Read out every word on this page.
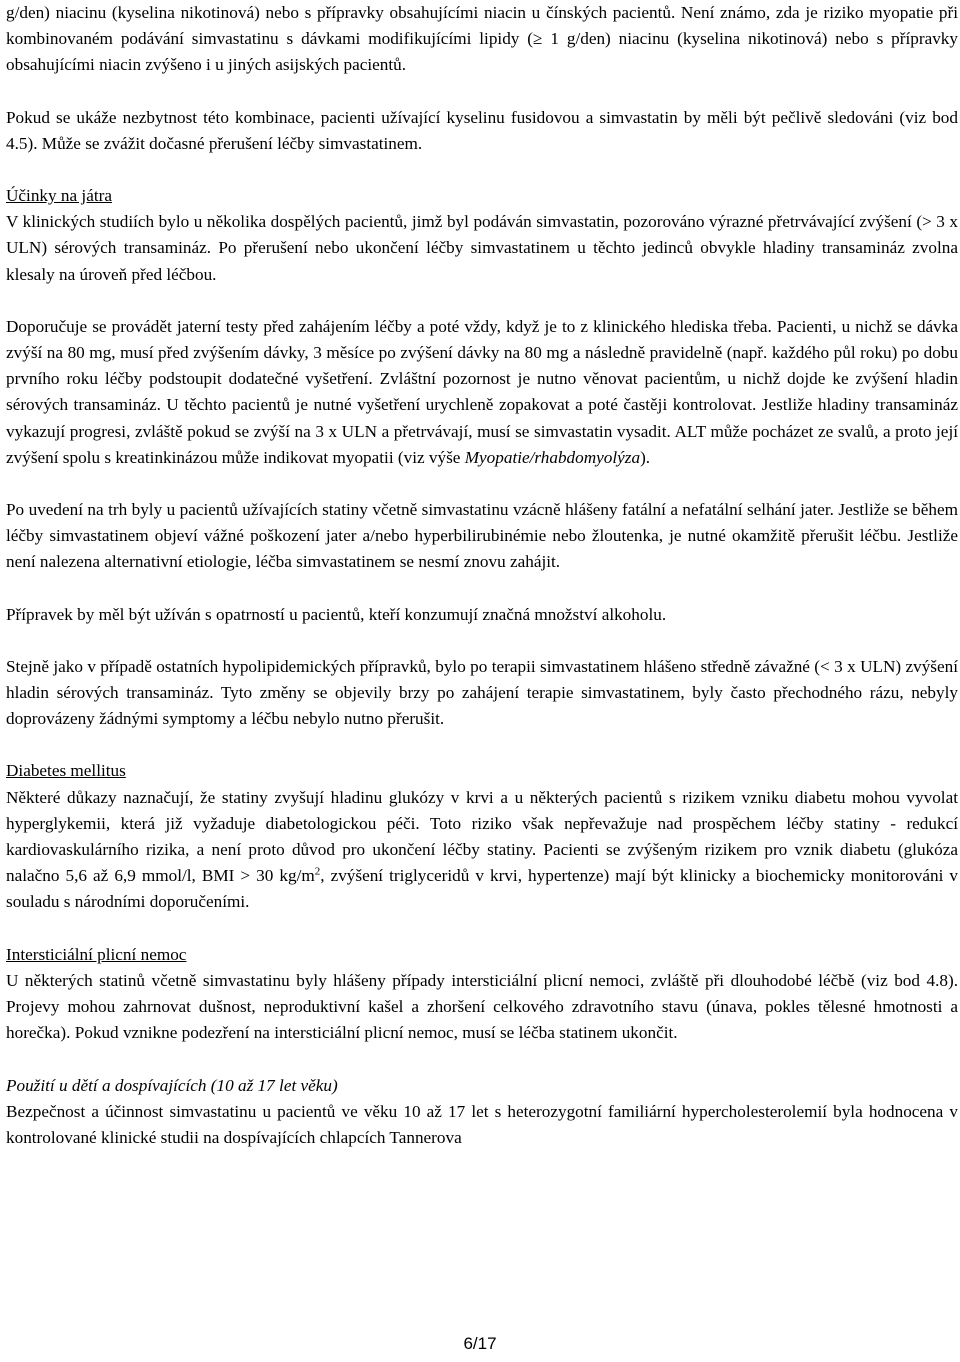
g/den) niacinu (kyselina nikotinová) nebo s přípravky obsahujícími niacin u čínských pacientů. Není známo, zda je riziko myopatie při kombinovaném podávání simvastatinu s dávkami modifikujícími lipidy (≥ 1 g/den) niacinu (kyselina nikotinová) nebo s přípravky obsahujícími niacin zvýšeno i u jiných asijských pacientů.

Pokud se ukáže nezbytnost této kombinace, pacienti užívající kyselinu fusidovou a simvastatin by měli být pečlivě sledováni (viz bod 4.5). Může se zvážit dočasné přerušení léčby simvastatinem.

Účinky na játra

V klinických studiích bylo u několika dospělých pacientů, jimž byl podáván simvastatin, pozorováno výrazné přetrvávající zvýšení (> 3 x ULN) sérových transamináz. Po přerušení nebo ukončení léčby simvastatinem u těchto jedinců obvykle hladiny transamináz zvolna klesaly na úroveň před léčbou.

Doporučuje se provádět jaterní testy před zahájením léčby a poté vždy, když je to z klinického hlediska třeba. Pacienti, u nichž se dávka zvýší na 80 mg, musí před zvýšením dávky, 3 měsíce po zvýšení dávky na 80 mg a následně pravidelně (např. každého půl roku) po dobu prvního roku léčby podstoupit dodatečné vyšetření. Zvláštní pozornost je nutno věnovat pacientům, u nichž dojde ke zvýšení hladin sérových transamináz. U těchto pacientů je nutné vyšetření urychleně zopakovat a poté častěji kontrolovat. Jestliže hladiny transamináz vykazují progresi, zvláště pokud se zvýší na 3 x ULN a přetrvávají, musí se simvastatin vysadit. ALT může pocházet ze svalů, a proto její zvýšení spolu s kreatinkinázou může indikovat myopatii (viz výše Myopatie/rhabdomyolýza).

Po uvedení na trh byly u pacientů užívajících statiny včetně simvastatinu vzácně hlášeny fatální a nefatální selhání jater. Jestliže se během léčby simvastatinem objeví vážné poškození jater a/nebo hyperbilirubinémie nebo žloutenka, je nutné okamžitě přerušit léčbu. Jestliže není nalezena alternativní etiologie, léčba simvastatinem se nesmí znovu zahájit.

Přípravek by měl být užíván s opatrností u pacientů, kteří konzumují značná množství alkoholu.

Stejně jako v případě ostatních hypolipidemických přípravků, bylo po terapii simvastatinem hlášeno středně závažné (< 3 x ULN) zvýšení hladin sérových transamináz. Tyto změny se objevily brzy po zahájení terapie simvastatinem, byly často přechodného rázu, nebyly doprovázeny žádnými symptomy a léčbu nebylo nutno přerušit.

Diabetes mellitus

Některé důkazy naznačují, že statiny zvyšují hladinu glukózy v krvi a u některých pacientů s rizikem vzniku diabetu mohou vyvolat hyperglykemii, která již vyžaduje diabetologickou péči. Toto riziko však nepřevažuje nad prospěchem léčby statiny - redukcí kardiovaskulárního rizika, a není proto důvod pro ukončení léčby statiny. Pacienti se zvýšeným rizikem pro vznik diabetu (glukóza nalačno 5,6 až 6,9 mmol/l, BMI > 30 $kg/m^2$, zvýšení triglyceridů v krvi, hypertenze) mají být klinicky a biochemicky monitorováni v souladu s národními doporučeními.

Intersticiální plicní nemoc

U některých statinů včetně simvastatinu byly hlášeny případy intersticiální plicní nemoci, zvláště při dlouhodobé léčbě (viz bod 4.8). Projevy mohou zahrnovat dušnost, neproduktivní kašel a zhoršení celkového zdravotního stavu (únava, pokles tělesné hmotnosti a horečka). Pokud vznikne podezření na intersticiální plicní nemoc, musí se léčba statinem ukončit.

Použití u dětí a dospívajících (10 až 17 let věku)

Bezpečnost a účinnost simvastatinu u pacientů ve věku 10 až 17 let s heterozygotní familiární hypercholesterolemií byla hodnocena v kontrolované klinické studii na dospívajících chlapcích Tannerova

6/17
